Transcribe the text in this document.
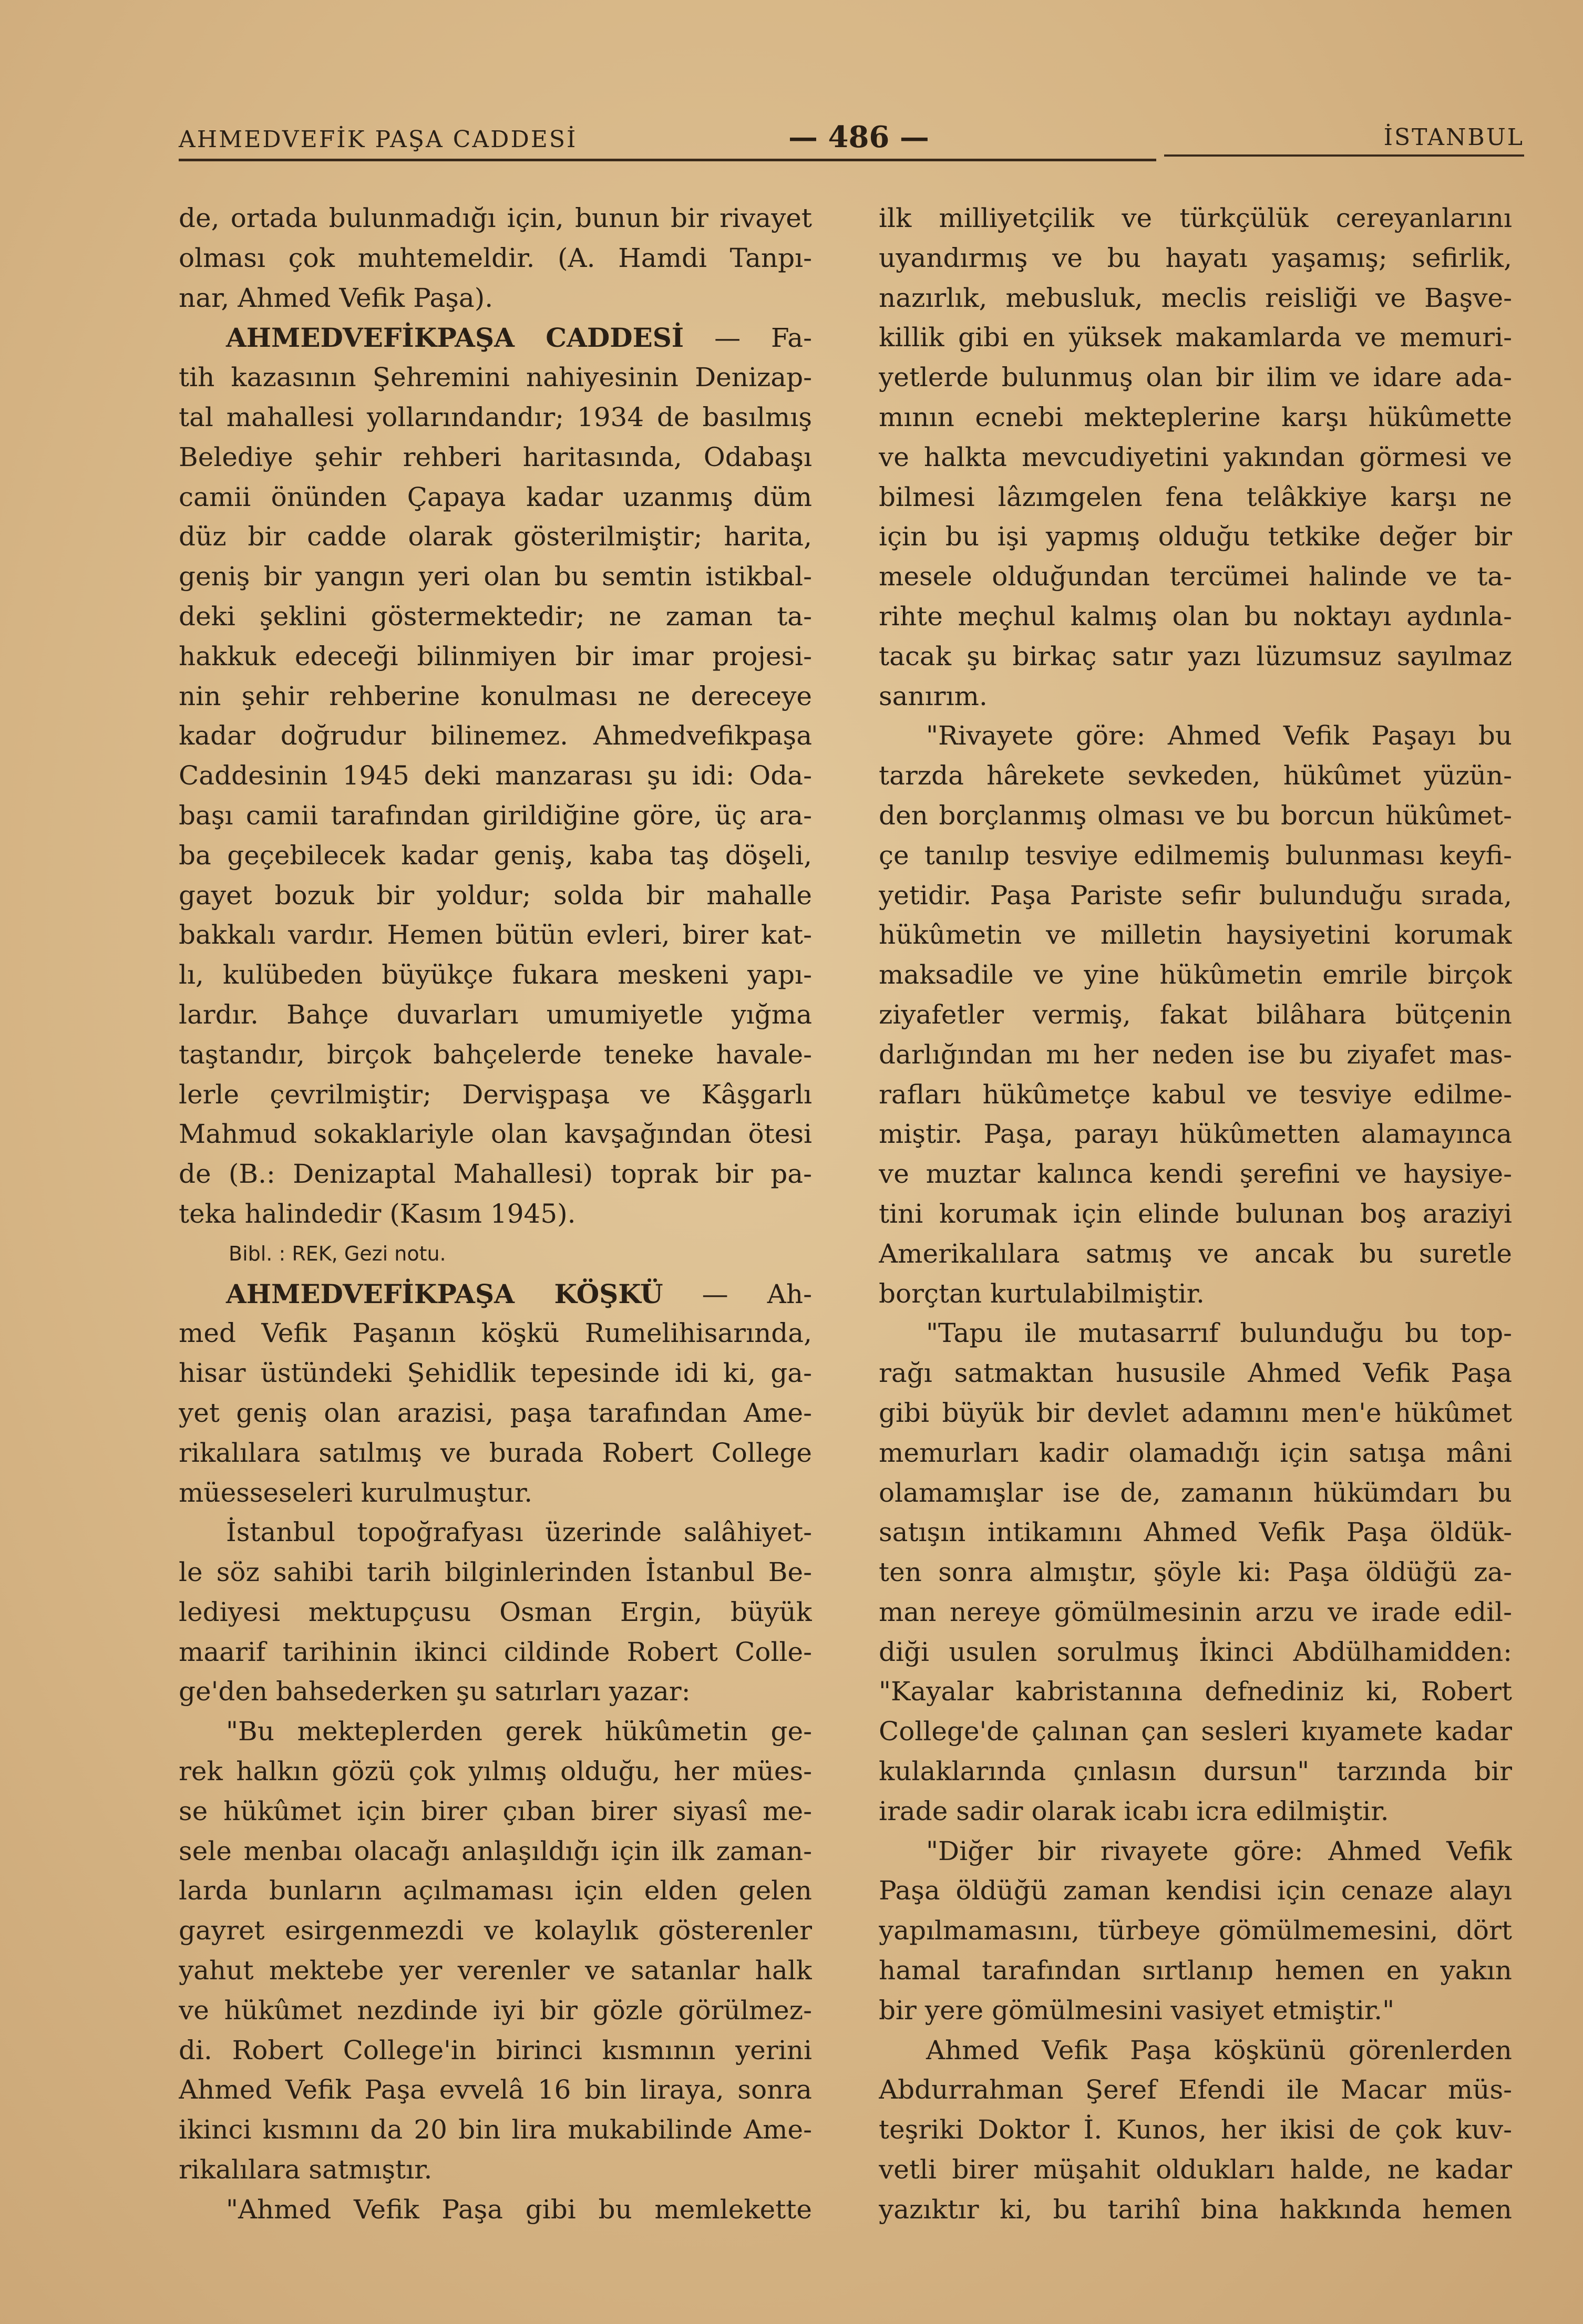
AHMEDVEFİK PAŞA CADDESİ	— 486 —	İSTANBUL
de, ortada bulunmadığı için, bunun bir rivayet
olması çok muhtemeldir. (A. Hamdi Tanpı-
nar, Ahmed Vefik Paşa).
AHMEDVEFİKPAŞA CADDESİ — Fa-
tih kazasının Şehremini nahiyesinin Denizap-
tal mahallesi yollarındandır; 1934 de basılmış
Belediye şehir rehberi haritasında, Odabaşı
camii önünden Çapaya kadar uzanmış düm
düz bir cadde olarak gösterilmiştir; harita,
geniş bir yangın yeri olan bu semtin istikbal-
deki şeklini göstermektedir; ne zaman ta-
hakkuk edeceği bilinmiyen bir imar projesi-
nin şehir rehberine konulması ne dereceye
kadar doğrudur bilinemez. Ahmedvefikpaşa
Caddesinin 1945 deki manzarası şu idi: Oda-
başı camii tarafından girildiğine göre, üç ara-
ba geçebilecek kadar geniş, kaba taş döşeli,
gayet bozuk bir yoldur; solda bir mahalle
bakkalı vardır. Hemen bütün evleri, birer kat-
lı, kulübeden büyükçe fukara meskeni yapı-
lardır. Bahçe duvarları umumiyetle yığma
taştandır, birçok bahçelerde teneke havale-
lerle çevrilmiştir; Dervişpaşa ve Kâşgarlı
Mahmud sokaklariyle olan kavşağından ötesi
de (B.: Denizaptal Mahallesi) toprak bir pa-
teka halindedir (Kasım 1945).
Bibl. : REK, Gezi notu.
AHMEDVEFİKPAŞA KÖŞKÜ — Ah-
med Vefik Paşanın köşkü Rumelihisarında,
hisar üstündeki Şehidlik tepesinde idi ki, ga-
yet geniş olan arazisi, paşa tarafından Ame-
rikalılara satılmış ve burada Robert College
müesseseleri kurulmuştur.
İstanbul topoğrafyası üzerinde salâhiyet-
le söz sahibi tarih bilginlerinden İstanbul Be-
lediyesi mektupçusu Osman Ergin, büyük
maarif tarihinin ikinci cildinde Robert Colle-
ge'den bahsederken şu satırları yazar:
"Bu mekteplerden gerek hükûmetin ge-
rek halkın gözü çok yılmış olduğu, her mües-
se hükûmet için birer çıban birer siyasî me-
sele menbaı olacağı anlaşıldığı için ilk zaman-
larda bunların açılmaması için elden gelen
gayret esirgenmezdi ve kolaylık gösterenler
yahut mektebe yer verenler ve satanlar halk
ve hükûmet nezdinde iyi bir gözle görülmez-
di. Robert College'in birinci kısmının yerini
Ahmed Vefik Paşa evvelâ 16 bin liraya, sonra
ikinci kısmını da 20 bin lira mukabilinde Ame-
rikalılara satmıştır.
"Ahmed Vefik Paşa gibi bu memlekette
ilk milliyetçilik ve türkçülük cereyanlarını
uyandırmış ve bu hayatı yaşamış; sefirlik,
nazırlık, mebusluk, meclis reisliği ve Başve-
killik gibi en yüksek makamlarda ve memuri-
yetlerde bulunmuş olan bir ilim ve idare ada-
mının ecnebi mekteplerine karşı hükûmette
ve halkta mevcudiyetini yakından görmesi ve
bilmesi lâzımgelen fena telâkkiye karşı ne
için bu işi yapmış olduğu tetkike değer bir
mesele olduğundan tercümei halinde ve ta-
rihte meçhul kalmış olan bu noktayı aydınla-
tacak şu birkaç satır yazı lüzumsuz sayılmaz
sanırım.
"Rivayete göre: Ahmed Vefik Paşayı bu
tarzda hârekete sevkeden, hükûmet yüzün-
den borçlanmış olması ve bu borcun hükûmet-
çe tanılıp tesviye edilmemiş bulunması keyfi-
yetidir. Paşa Pariste sefir bulunduğu sırada,
hükûmetin ve milletin haysiyetini korumak
maksadile ve yine hükûmetin emrile birçok
ziyafetler vermiş, fakat bilâhara bütçenin
darlığından mı her neden ise bu ziyafet mas-
rafları hükûmetçe kabul ve tesviye edilme-
miştir. Paşa, parayı hükûmetten alamayınca
ve muztar kalınca kendi şerefini ve haysiye-
tini korumak için elinde bulunan boş araziyi
Amerikalılara satmış ve ancak bu suretle
borçtan kurtulabilmiştir.
"Tapu ile mutasarrıf bulunduğu bu top-
rağı satmaktan hususile Ahmed Vefik Paşa
gibi büyük bir devlet adamını men'e hükûmet
memurları kadir olamadığı için satışa mâni
olamamışlar ise de, zamanın hükümdarı bu
satışın intikamını Ahmed Vefik Paşa öldük-
ten sonra almıştır, şöyle ki: Paşa öldüğü za-
man nereye gömülmesinin arzu ve irade edil-
diği usulen sorulmuş İkinci Abdülhamidden:
"Kayalar kabristanına defnediniz ki, Robert
College'de çalınan çan sesleri kıyamete kadar
kulaklarında çınlasın dursun" tarzında bir
irade sadir olarak icabı icra edilmiştir.
"Diğer bir rivayete göre: Ahmed Vefik
Paşa öldüğü zaman kendisi için cenaze alayı
yapılmamasını, türbeye gömülmemesini, dört
hamal tarafından sırtlanıp hemen en yakın
bir yere gömülmesini vasiyet etmiştir."
Ahmed Vefik Paşa köşkünü görenlerden
Abdurrahman Şeref Efendi ile Macar müs-
teşriki Doktor İ. Kunos, her ikisi de çok kuv-
vetli birer müşahit oldukları halde, ne kadar
yazıktır ki, bu tarihî bina hakkında hemen
